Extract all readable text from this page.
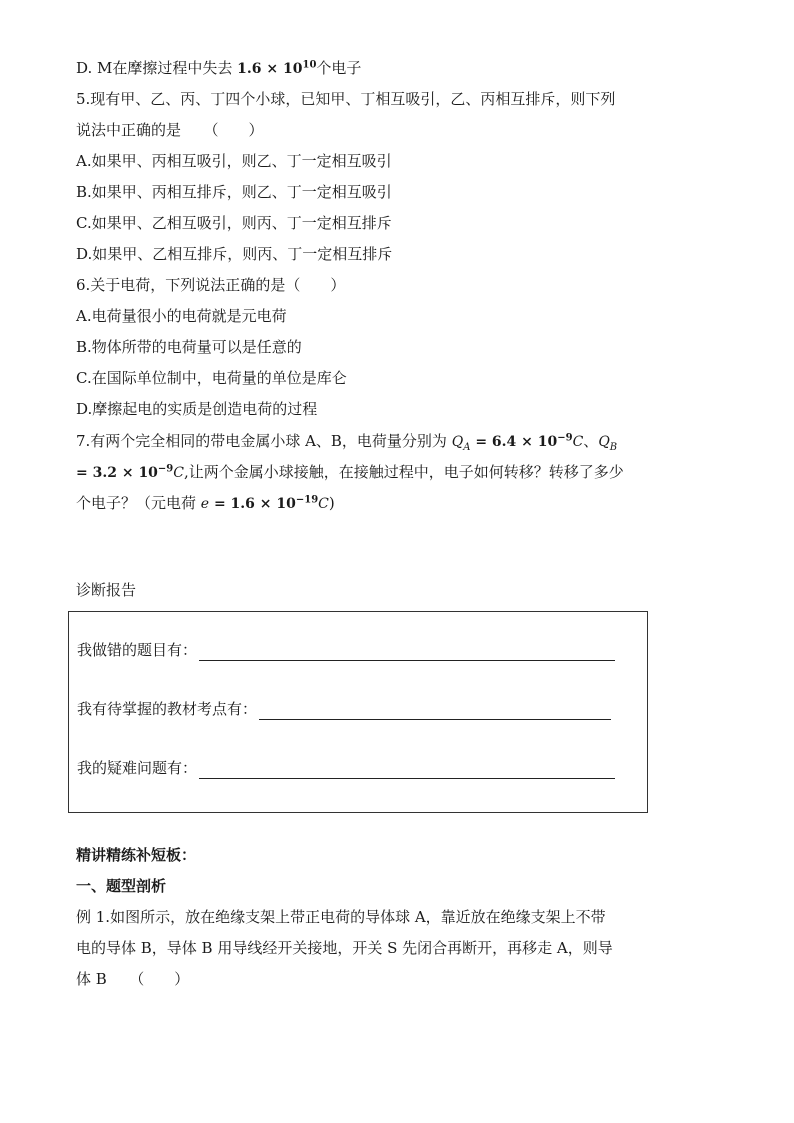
D. M在摩擦过程中失去 $1.6 \times 10^{10}$个电子
5.现有甲、乙、丙、丁四个小球，已知甲、丁相互吸引，乙、丙相互排斥，则下列
说法中正确的是　　（　　）
A.如果甲、丙相互吸引，则乙、丁一定相互吸引
B.如果甲、丙相互排斥，则乙、丁一定相互吸引
C.如果甲、乙相互吸引，则丙、丁一定相互排斥
D.如果甲、乙相互排斥，则丙、丁一定相互排斥
6.关于电荷，下列说法正确的是（　　）
A.电荷量很小的电荷就是元电荷
B.物体所带的电荷量可以是任意的
C.在国际单位制中，电荷量的单位是库仑
D.摩擦起电的实质是创造电荷的过程
7.有两个完全相同的带电金属小球 A、B，电荷量分别为 $Q_A = 6.4 \times 10^{-9}C$、$Q_B$
= $3.2 \times 10^{-9}C$,让两个金属小球接触，在接触过程中，电子如何转移？转移了多少
个电子？（元电荷 $e = 1.6 \times 10^{-19}C$)
诊断报告
我做错的题目有：
我有待掌握的教材考点有：
我的疑难问题有：
精讲精练补短板：
一、题型剖析
例 1.如图所示，放在绝缘支架上带正电荷的导体球 A，靠近放在绝缘支架上不带
电的导体 B，导体 B 用导线经开关接地，开关 S 先闭合再断开，再移走 A，则导
体 B　　（　　）
